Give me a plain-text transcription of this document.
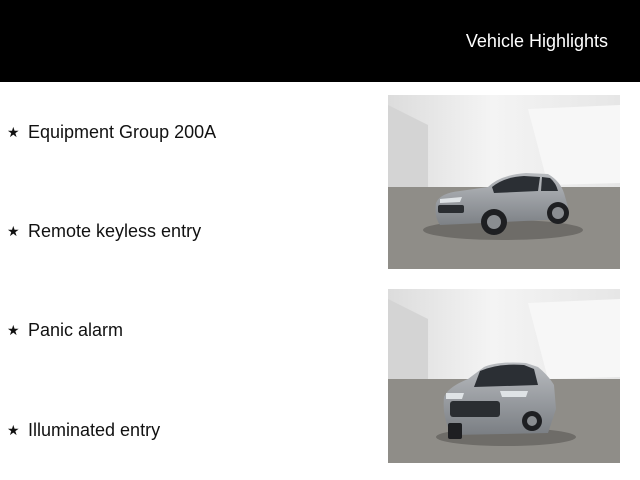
Vehicle Highlights
★ Equipment Group 200A
★ Remote keyless entry
★ Panic alarm
★ Illuminated entry
